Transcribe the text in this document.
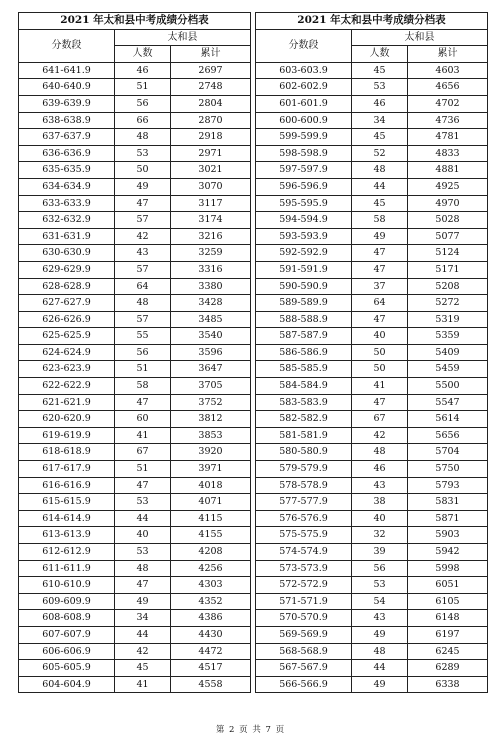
2021 年太和县中考成绩分档表		
分数段	太和县	
	人数	累计
641-641.9	46	2697
640-640.9	51	2748
639-639.9	56	2804
638-638.9	66	2870
637-637.9	48	2918
636-636.9	53	2971
635-635.9	50	3021
634-634.9	49	3070
633-633.9	47	3117
632-632.9	57	3174
631-631.9	42	3216
630-630.9	43	3259
629-629.9	57	3316
628-628.9	64	3380
627-627.9	48	3428
626-626.9	57	3485
625-625.9	55	3540
624-624.9	56	3596
623-623.9	51	3647
622-622.9	58	3705
621-621.9	47	3752
620-620.9	60	3812
619-619.9	41	3853
618-618.9	67	3920
617-617.9	51	3971
616-616.9	47	4018
615-615.9	53	4071
614-614.9	44	4115
613-613.9	40	4155
612-612.9	53	4208
611-611.9	48	4256
610-610.9	47	4303
609-609.9	49	4352
608-608.9	34	4386
607-607.9	44	4430
606-606.9	42	4472
605-605.9	45	4517
604-604.9	41	4558
2021 年太和县中考成绩分档表		
分数段	太和县	
	人数	累计
603-603.9	45	4603
602-602.9	53	4656
601-601.9	46	4702
600-600.9	34	4736
599-599.9	45	4781
598-598.9	52	4833
597-597.9	48	4881
596-596.9	44	4925
595-595.9	45	4970
594-594.9	58	5028
593-593.9	49	5077
592-592.9	47	5124
591-591.9	47	5171
590-590.9	37	5208
589-589.9	64	5272
588-588.9	47	5319
587-587.9	40	5359
586-586.9	50	5409
585-585.9	50	5459
584-584.9	41	5500
583-583.9	47	5547
582-582.9	67	5614
581-581.9	42	5656
580-580.9	48	5704
579-579.9	46	5750
578-578.9	43	5793
577-577.9	38	5831
576-576.9	40	5871
575-575.9	32	5903
574-574.9	39	5942
573-573.9	56	5998
572-572.9	53	6051
571-571.9	54	6105
570-570.9	43	6148
569-569.9	49	6197
568-568.9	48	6245
567-567.9	44	6289
566-566.9	49	6338
第 2 页 共 7 页
